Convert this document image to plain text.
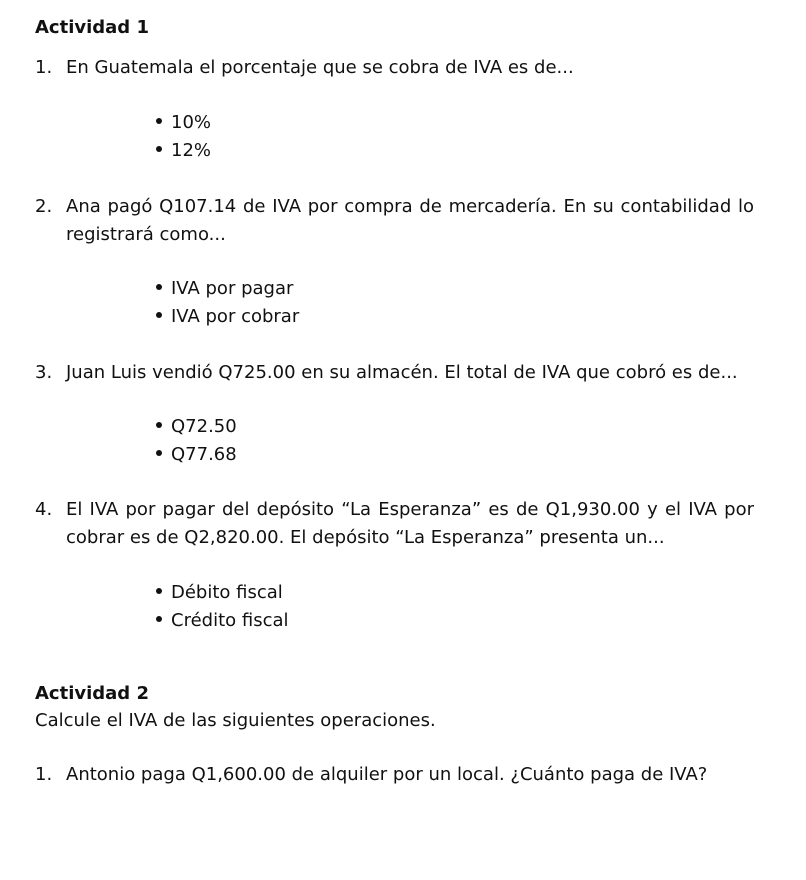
Actividad 1
1. En Guatemala el porcentaje que se cobra de IVA es de...
10%
12%
2. Ana pagó Q107.14 de IVA por compra de mercadería. En su contabilidad lo
registrará como...
IVA por pagar
IVA por cobrar
3. Juan Luis vendió Q725.00 en su almacén. El total de IVA que cobró es de...
Q72.50
Q77.68
4. El IVA por pagar del depósito “La Esperanza” es de Q1,930.00 y el IVA por
cobrar es de Q2,820.00. El depósito “La Esperanza” presenta un...
Débito fiscal
Crédito fiscal
Actividad 2
Calcule el IVA de las siguientes operaciones.
1. Antonio paga Q1,600.00 de alquiler por un local. ¿Cuánto paga de IVA?
